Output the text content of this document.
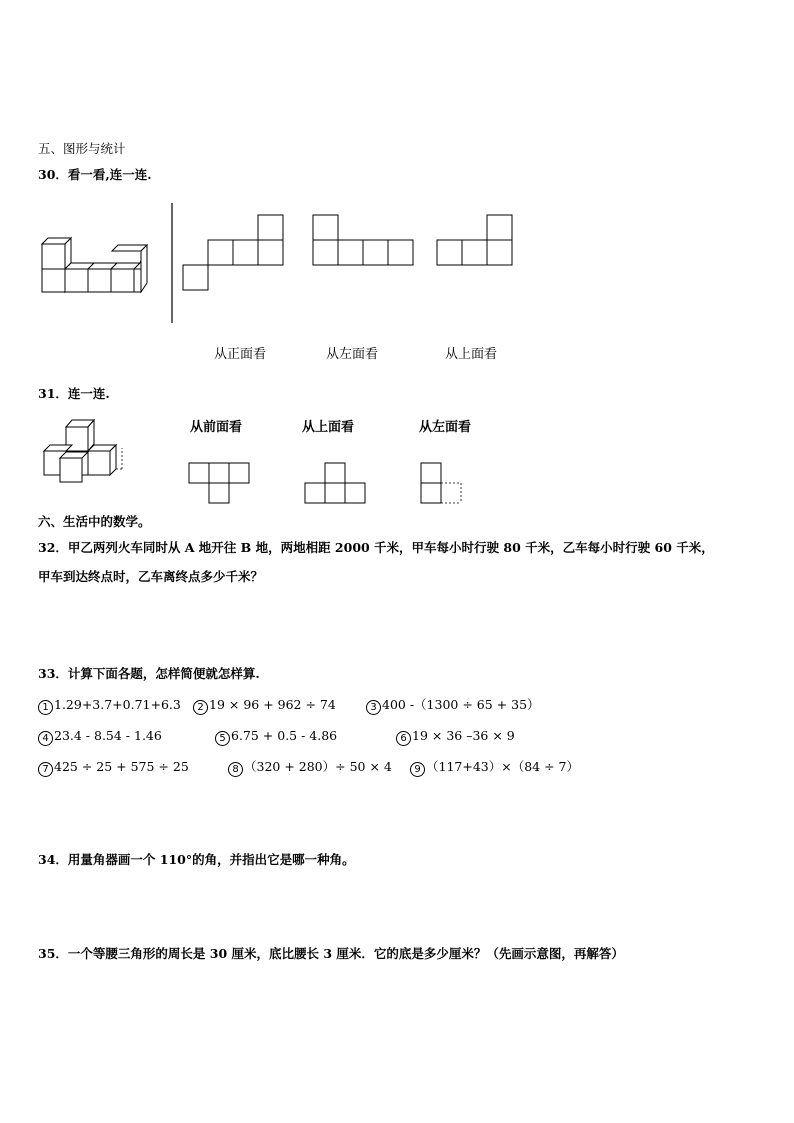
五、图形与统计
30．看一看,连一连.
从正面看	从左面看	从上面看
31．连一连.
从前面看	从上面看	从左面看
六、生活中的数学。
32．甲乙两列火车同时从 A 地开往 B 地，两地相距 2000 千米，甲车每小时行驶 80 千米，乙车每小时行驶 60 千米，
甲车到达终点时，乙车离终点多少千米？
33．计算下面各题，怎样简便就怎样算.
1 1.29+3.7+0.71+6.3	2 19 × 96 + 962 ÷ 74	3 400 -（1300 ÷ 65 + 35）
4 23.4 - 8.54 - 1.46	5 6.75 + 0.5 - 4.86	6 19 × 36 –36 × 9
7 425 ÷ 25 + 575 ÷ 25	8 （320 + 280）÷ 50 × 4	9 （117+43）×（84 ÷ 7）
34．用量角器画一个 110°的角，并指出它是哪一种角。
35．一个等腰三角形的周长是 30 厘米，底比腰长 3 厘米．它的底是多少厘米？（先画示意图，再解答）
